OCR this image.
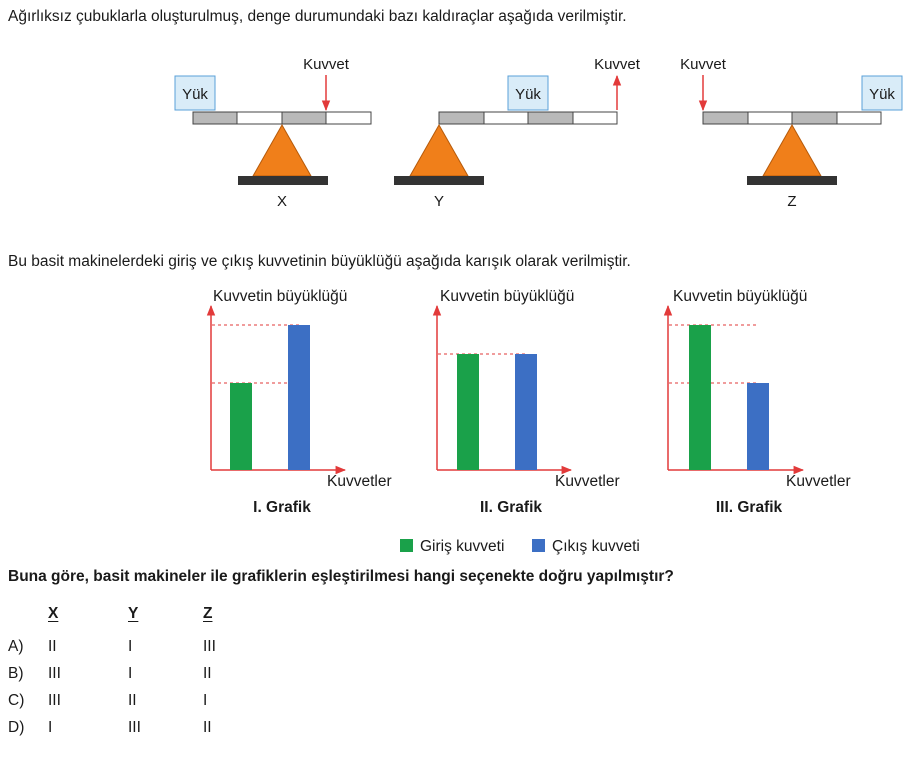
Ağırlıksız çubuklarla oluşturulmuş, denge durumundaki bazı kaldıraçlar aşağıda verilmiştir.
Yük
Kuvvet
X
Yük
Kuvvet
Y
Yük
Kuvvet
Z
Bu basit makinelerdeki giriş ve çıkış kuvvetinin büyüklüğü aşağıda karışık olarak verilmiştir.
Kuvvetin büyüklüğü
Kuvvetler
I. Grafik
Kuvvetin büyüklüğü
Kuvvetler
II. Grafik
Kuvvetin büyüklüğü
Kuvvetler
III. Grafik
Giriş kuvveti	Çıkış kuvveti
Buna göre, basit makineler ile grafiklerin eşleştirilmesi hangi seçenekte doğru yapılmıştır?
X	Y	Z
A) II	I	III
B) III	I	II
C) III	II	I
D) I	III	II
